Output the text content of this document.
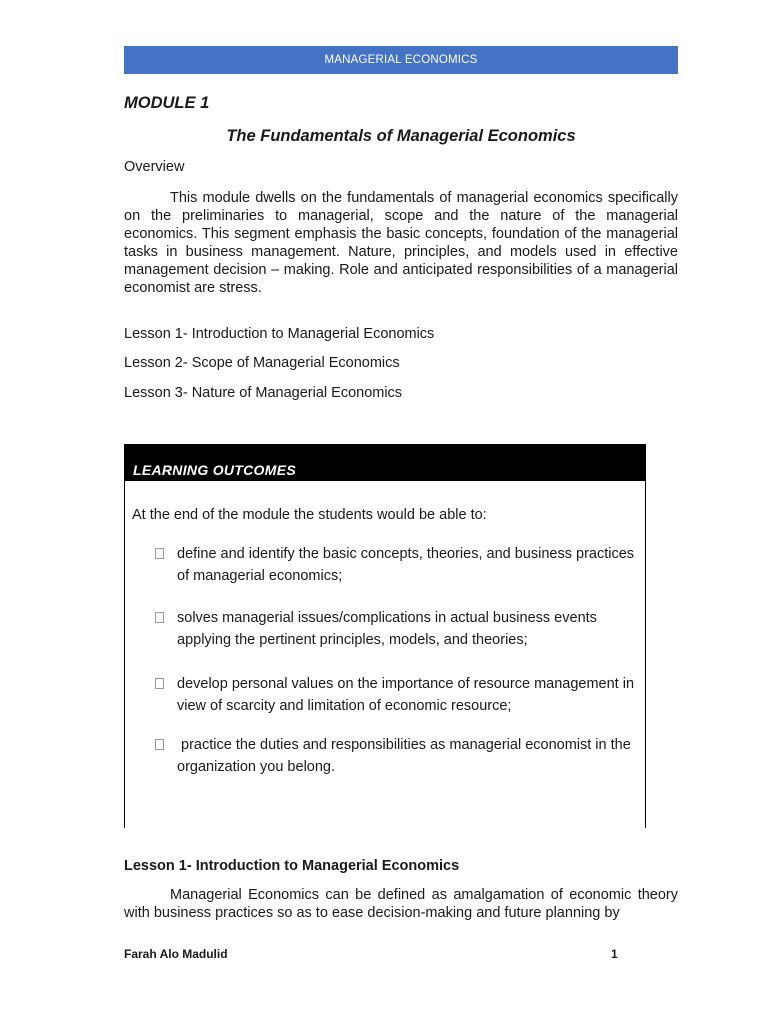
MANAGERIAL ECONOMICS
MODULE 1
The Fundamentals of Managerial Economics
Overview

This module dwells on the fundamentals of managerial economics specifically on the preliminaries to managerial, scope and the nature of the managerial economics. This segment emphasis the basic concepts, foundation of the managerial tasks in business management. Nature, principles, and models used in effective management decision – making. Role and anticipated responsibilities of a managerial economist are stress.

Lesson 1- Introduction to Managerial Economics
Lesson 2- Scope of Managerial Economics
Lesson 3- Nature of Managerial Economics
LEARNING OUTCOMES
At the end of the module the students would be able to:
define and identify the basic concepts, theories, and business practices of managerial economics;
solves managerial issues/complications in actual business events applying the pertinent principles, models, and theories;
develop personal values on the importance of resource management in view of scarcity and limitation of economic resource;
practice the duties and responsibilities as managerial economist in the organization you belong.
Lesson 1- Introduction to Managerial Economics

Managerial Economics can be defined as amalgamation of economic theory with business practices so as to ease decision-making and future planning by

Farah Alo Madulid	1
